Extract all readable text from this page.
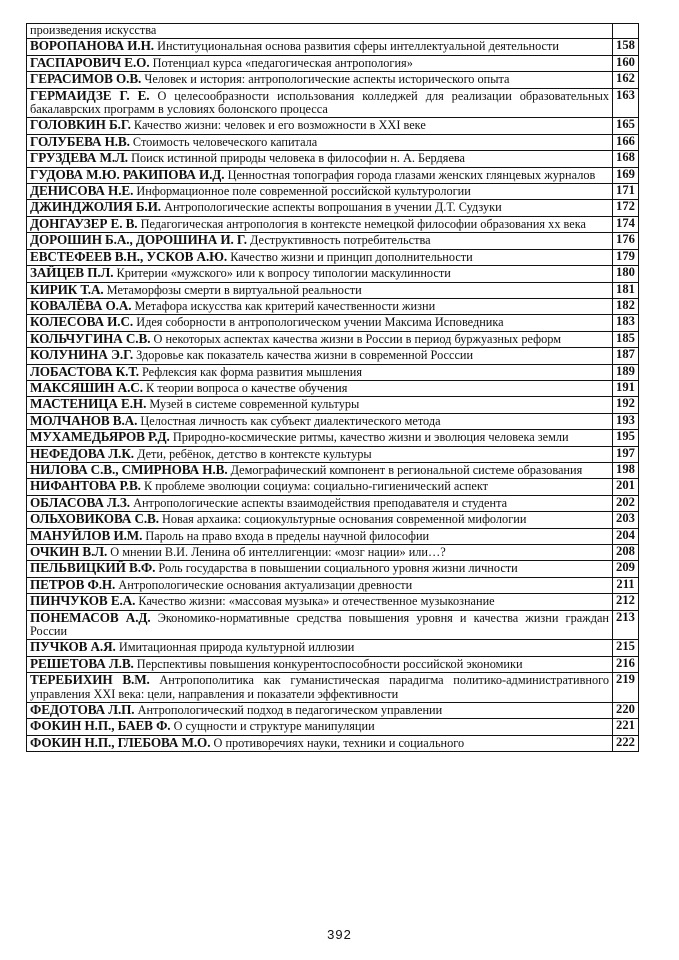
произведения искусства	
ВОРОПАНОВА И.Н. Институциональная основа развития сферы интеллектуальной деятельности	158
ГАСПАРОВИЧ Е.О. Потенциал курса «педагогическая антропология»	160
ГЕРАСИМОВ О.В. Человек и история: антропологические аспекты исторического опыта	162
ГЕРМАИДЗЕ Г. Е. О целесообразности использования колледжей для реализации образовательных бакалаврских программ в условиях болонского процесса	163
ГОЛОВКИН Б.Г. Качество жизни: человек и его возможности в XXI веке	165
ГОЛУБЕВА Н.В. Стоимость человеческого капитала	166
ГРУЗДЕВА М.Л. Поиск истинной природы человека в философии н. А. Бердяева	168
ГУДОВА М.Ю. РАКИПОВА И.Д. Ценностная топография города глазами женских глянцевых журналов	169
ДЕНИСОВА Н.Е. Информационное поле современной российской культурологии	171
ДЖИНДЖОЛИЯ Б.И. Антропологические аспекты вопрошания в учении Д.Т. Судзуки	172
ДОНГАУЗЕР Е. В. Педагогическая антропология в контексте немецкой философии образования хх века	174
ДОРОШИН Б.А., ДОРОШИНА И. Г. Деструктивность потребительства	176
ЕВСТЕФЕЕВ В.Н., УСКОВ А.Ю. Качество жизни и принцип дополнительности	179
ЗАЙЦЕВ П.Л. Критерии «мужского» или к вопросу типологии маскулинности	180
КИРИК Т.А. Метаморфозы смерти в виртуальной реальности	181
КОВАЛЁВА О.А. Метафора искусства как критерий качественности жизни	182
КОЛЕСОВА И.С. Идея соборности в антропологическом учении Максима Исповедника	183
КОЛЬЧУГИНА С.В. О некоторых аспектах качества жизни в России в период буржуазных реформ	185
КОЛУНИНА Э.Г. Здоровье как показатель качества жизни в современной Росссии	187
ЛОБАСТОВА К.Т. Рефлексия как форма развития мышления	189
МАКСЯШИН А.С. К теории вопроса о качестве обучения	191
МАСТЕНИЦА Е.Н. Музей в системе современной культуры	192
МОЛЧАНОВ В.А. Целостная личность как субъект диалектического метода	193
МУХАМЕДЬЯРОВ Р.Д. Природно-космические ритмы, качество жизни и эволюция человека земли	195
НЕФЕДОВА Л.К. Дети, ребёнок, детство в контексте культуры	197
НИЛОВА С.В., СМИРНОВА Н.В. Демографический компонент в региональной системе образования	198
НИФАНТОВА Р.В. К проблеме эволюции социума: социально-гигиенический аспект	201
ОБЛАСОВА Л.З. Антропологические аспекты взаимодействия преподавателя и студента	202
ОЛЬХОВИКОВА С.В. Новая архаика: социокультурные основания современной мифологии	203
МАНУЙЛОВ И.М. Пароль на право входа в пределы научной философии	204
ОЧКИН В.Л. О мнении В.И. Ленина об интеллигенции: «мозг нации» или…?	208
ПЕЛЬВИЦКИЙ В.Ф. Роль государства в повышении социального уровня жизни личности	209
ПЕТРОВ Ф.Н. Антропологические основания актуализации древности	211
ПИНЧУКОВ Е.А. Качество жизни: «массовая музыка» и отечественное музыкознание	212
ПОНЕМАСОВ А.Д. Экономико-нормативные средства повышения уровня и качества жизни граждан России	213
ПУЧКОВ А.Я. Имитационная природа культурной иллюзии	215
РЕШЕТОВА Л.В. Перспективы повышения конкурентоспособности российской экономики	216
ТЕРЕБИХИН В.М. Антропополитика как гуманистическая парадигма политико-административного управления XXI века: цели, направления и показатели эффективности	219
ФЕДОТОВА Л.П. Антропологический подход в педагогическом управлении	220
ФОКИН Н.П., БАЕВ Ф. О сущности и структуре манипуляции	221
ФОКИН Н.П., ГЛЕБОВА М.О. О противоречиях науки, техники и социального	222
392
